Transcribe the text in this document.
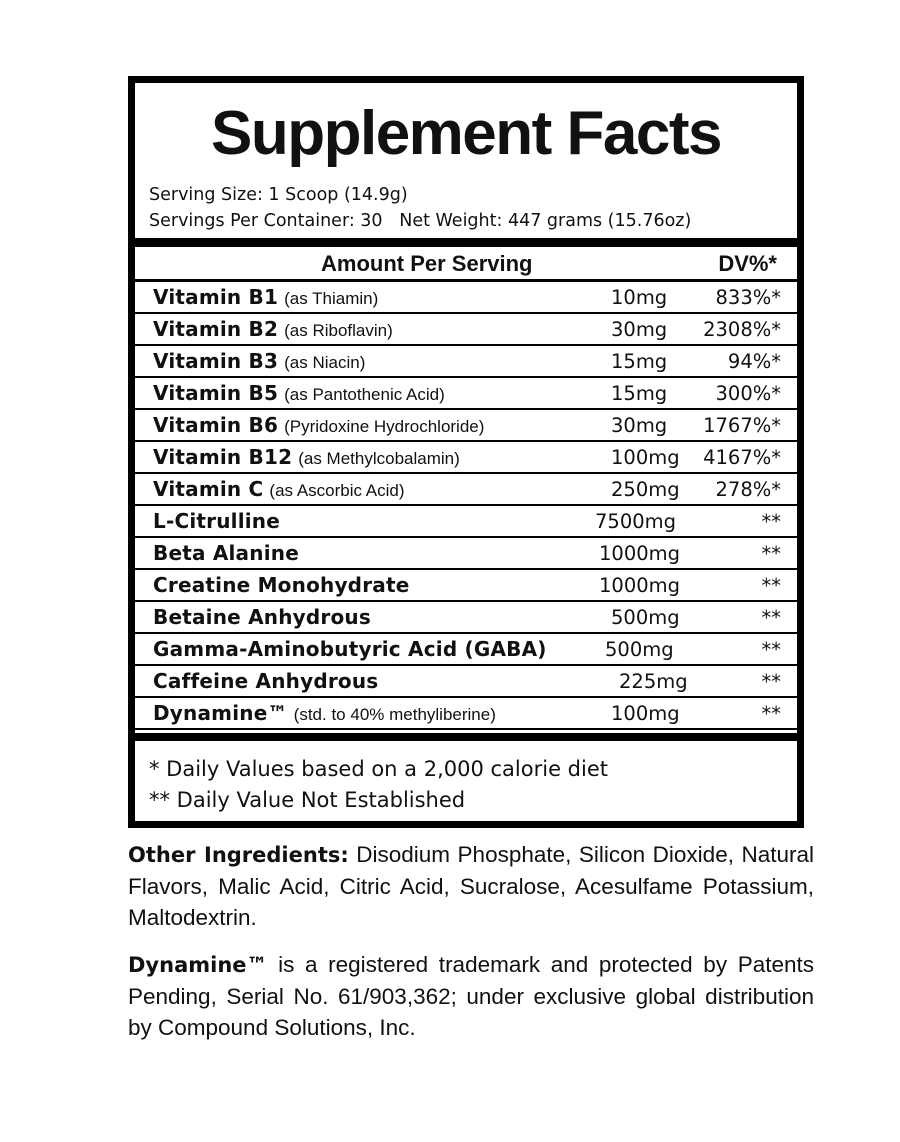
Supplement Facts
Serving Size: 1 Scoop (14.9g)
Servings Per Container: 30   Net Weight: 447 grams (15.76oz)
Amount Per Serving	DV%*
Vitamin B1 (as Thiamin)	10mg 833%*
Vitamin B2 (as Riboflavin)	30mg 2308%*
Vitamin B3 (as Niacin)	15mg	94%*
Vitamin B5 (as Pantothenic Acid)	15mg 300%*
Vitamin B6 (Pyridoxine Hydrochloride)	30mg 1767%*
Vitamin B12 (as Methylcobalamin)	100mg 4167%*
Vitamin C (as Ascorbic Acid)	250mg 278%*
L-Citrulline	7500mg	**
Beta Alanine	1000mg	**
Creatine Monohydrate	1000mg	**
Betaine Anhydrous	500mg	**
Gamma-Aminobutyric Acid (GABA)	500mg	**
Caffeine Anhydrous	225mg	**
Dynamine™ (std. to 40% methyliberine)	100mg	**
* Daily Values based on a 2,000 calorie diet
** Daily Value Not Established
Other Ingredients: Disodium Phosphate, Silicon Dioxide, Natural Flavors, Malic Acid, Citric Acid, Sucralose, Acesulfame Potassium, Maltodextrin.
Dynamine™ is a registered trademark and protected by Patents Pending, Serial No. 61/903,362; under exclusive global distribution by Compound Solutions, Inc.
